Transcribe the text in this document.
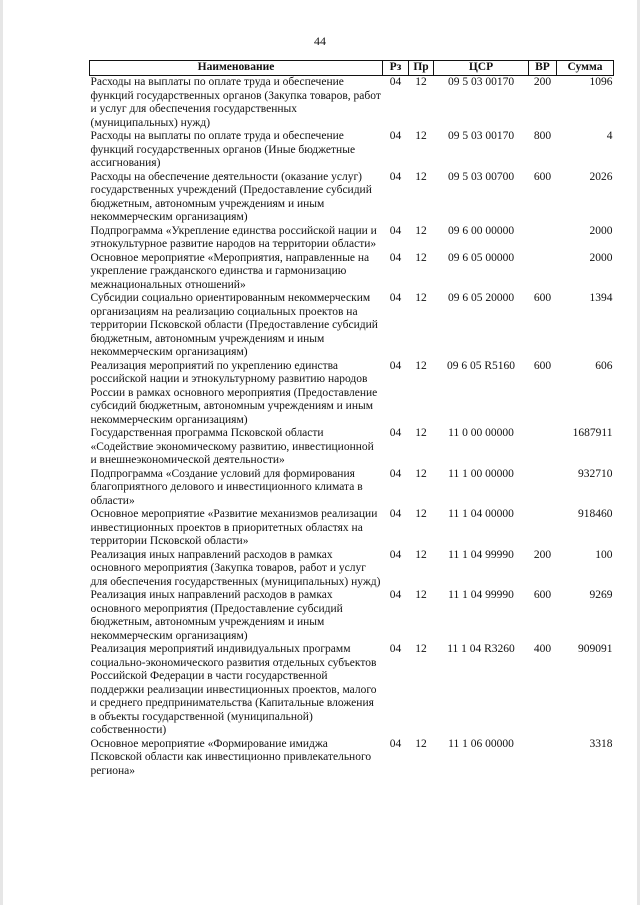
44
Наименование	Рз	Пр	ЦСР	ВР	Сумма
Расходы на выплаты по оплате труда и обеспечение функций государственных органов (Закупка товаров, работ и услуг для обеспечения государственных (муниципальных) нужд)	04	12	09 5 03 00170	200	1096
Расходы на выплаты по оплате труда и обеспечение функций государственных органов (Иные бюджетные ассигнования)	04	12	09 5 03 00170	800	4
Расходы на обеспечение деятельности (оказание услуг) государственных учреждений (Предоставление субсидий бюджетным, автономным учреждениям и иным некоммерческим организациям)	04	12	09 5 03 00700	600	2026
Подпрограмма «Укрепление единства российской нации и этнокультурное развитие народов на территории области»	04	12	09 6 00 00000		2000
Основное мероприятие «Мероприятия, направленные на укрепление гражданского единства и гармонизацию межнациональных отношений»	04	12	09 6 05 00000		2000
Субсидии социально ориентированным некоммерческим организациям на реализацию социальных проектов на территории Псковской области (Предоставление субсидий бюджетным, автономным учреждениям и иным некоммерческим организациям)	04	12	09 6 05 20000	600	1394
Реализация мероприятий по укреплению единства российской нации и этнокультурному развитию народов России в рамках основного мероприятия (Предоставление субсидий бюджетным, автономным учреждениям и иным некоммерческим организациям)	04	12	09 6 05 R5160	600	606
Государственная программа Псковской области «Содействие экономическому развитию, инвестиционной и внешнеэкономической деятельности»	04	12	11 0 00 00000		1687911
Подпрограмма «Создание условий для формирования благоприятного делового и инвестиционного климата в области»	04	12	11 1 00 00000		932710
Основное мероприятие «Развитие механизмов реализации инвестиционных проектов в приоритетных областях на территории Псковской области»	04	12	11 1 04 00000		918460
Реализация иных направлений расходов в рамках основного мероприятия (Закупка товаров, работ и услуг для обеспечения государственных (муниципальных) нужд)	04	12	11 1 04 99990	200	100
Реализация иных направлений расходов в рамках основного мероприятия (Предоставление субсидий бюджетным, автономным учреждениям и иным некоммерческим организациям)	04	12	11 1 04 99990	600	9269
Реализация мероприятий индивидуальных программ социально-экономического развития отдельных субъектов Российской Федерации в части государственной поддержки реализации инвестиционных проектов, малого и среднего предпринимательства (Капитальные вложения в объекты государственной (муниципальной) собственности)	04	12	11 1 04 R3260	400	909091
Основное мероприятие «Формирование имиджа Псковской области как инвестиционно привлекательного региона»	04	12	11 1 06 00000		3318
